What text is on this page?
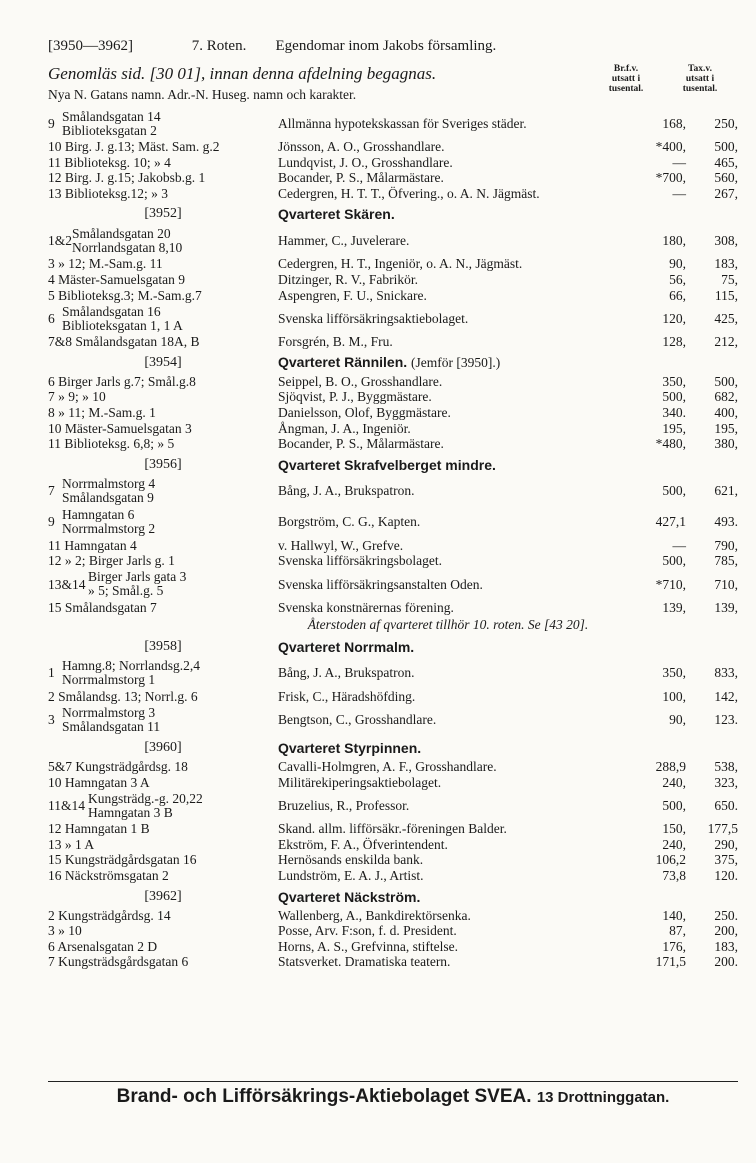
[3950—3962]	7. Roten. Egendomar inom Jakobs församling.
Genomläs sid. [30 01], innan denna afdelning begagnas.
Nya N. Gatans namn. Adr.-N. Huseg. namn och karakter.
Br.f.v.
utsatt i
tusental.
Tax.v.
utsatt i
tusental.
9 Smålandsgatan 14
Biblioteksgatan 2	Allmänna hypotekskassan för Sveriges städer.	168,	250,
10 Birg. J. g.13; Mäst. Sam. g.2	Jönsson, A. O., Grosshandlare.	*400,	500,
11 Biblioteksg. 10; » 4	Lundqvist, J. O., Grosshandlare.	—	465,
12 Birg. J. g.15; Jakobsb.g. 1	Bocander, P. S., Målarmästare.	*700,	560,
13 Biblioteksg.12; » 3	Cedergren, H. T. T., Öfvering., o. A. N. Jägmäst.	—	267,
[3952]	Qvarteret Skären.
1&2 Smålandsgatan 20
Norrlandsgatan 8,10	Hammer, C., Juvelerare.	180,	308,
3 » 12; M.-Sam.g. 11	Cedergren, H. T., Ingeniör, o. A. N., Jägmäst.	90,	183,
4 Mäster-Samuelsgatan 9	Ditzinger, R. V., Fabrikör.	56,	75,
5 Biblioteksg.3; M.-Sam.g.7	Aspengren, F. U., Snickare.	66,	115,
6 Smålandsgatan 16
Biblioteksgatan 1, 1 A	Svenska lifförsäkringsaktiebolaget.	120,	425,
7&8 Smålandsgatan 18A, B	Forsgrén, B. M., Fru.	128,	212,
[3954]	Qvarteret Rännilen. (Jemför [3950].)
6 Birger Jarls g.7; Smål.g.8	Seippel, B. O., Grosshandlare.	350,	500,
7 » 9; » 10	Sjöqvist, P. J., Byggmästare.	500,	682,
8 » 11; M.-Sam.g. 1	Danielsson, Olof, Byggmästare.	340.	400,
10 Mäster-Samuelsgatan 3	Ångman, J. A., Ingeniör.	195,	195,
11 Biblioteksg. 6,8; » 5	Bocander, P. S., Målarmästare.	*480,	380,
[3956]	Qvarteret Skrafvelberget mindre.
7 Norrmalmstorg 4
Smålandsgatan 9	Bång, J. A., Brukspatron.	500,	621,
9 Hamngatan 6
Norrmalmstorg 2	Borgström, C. G., Kapten.	427,1	493.
11 Hamngatan 4	v. Hallwyl, W., Grefve.	—	790,
12 » 2; Birger Jarls g. 1	Svenska lifförsäkringsbolaget.	500,	785,
13&14 Birger Jarls gata 3
» 5; Smål.g. 5	Svenska lifförsäkringsanstalten Oden.	*710,	710,
15 Smålandsgatan 7	Svenska konstnärernas förening.	139,	139,
Återstoden af qvarteret tillhör 10. roten. Se [43 20].
[3958]	Qvarteret Norrmalm.
1 Hamng.8; Norrlandsg.2,4
Norrmalmstorg 1	Bång, J. A., Brukspatron.	350,	833,
2 Smålandsg. 13; Norrl.g. 6	Frisk, C., Häradshöfding.	100,	142,
3 Norrmalmstorg 3
Smålandsgatan 11	Bengtson, C., Grosshandlare.	90,	123.
[3960]	Qvarteret Styrpinnen.
5&7 Kungsträdgårdsg. 18	Cavalli-Holmgren, A. F., Grosshandlare.	288,9	538,
10 Hamngatan 3 A	Militärekiperingsaktiebolaget.	240,	323,
11&14 Kungsträdg.-g. 20,22
Hamngatan 3 B	Bruzelius, R., Professor.	500,	650.
12 Hamngatan 1 B	Skand. allm. lifförsäkr.-föreningen Balder.	150,	177,5
13 » 1 A	Ekström, F. A., Öfverintendent.	240,	290,
15 Kungsträdgårdsgatan 16	Hernösands enskilda bank.	106,2	375,
16 Näckströmsgatan 2	Lundström, E. A. J., Artist.	73,8	120.
[3962]	Qvarteret Näckström.
2 Kungsträdgårdsg. 14	Wallenberg, A., Bankdirektörsenka.	140,	250.
3 » 10	Posse, Arv. F:son, f. d. President.	87,	200,
6 Arsenalsgatan 2 D	Horns, A. S., Grefvinna, stiftelse.	176,	183,
7 Kungsträdsgårdsgatan 6	Statsverket. Dramatiska teatern.	171,5	200.
Brand- och Lifförsäkrings-Aktiebolaget SVEA. 13 Drottninggatan.
